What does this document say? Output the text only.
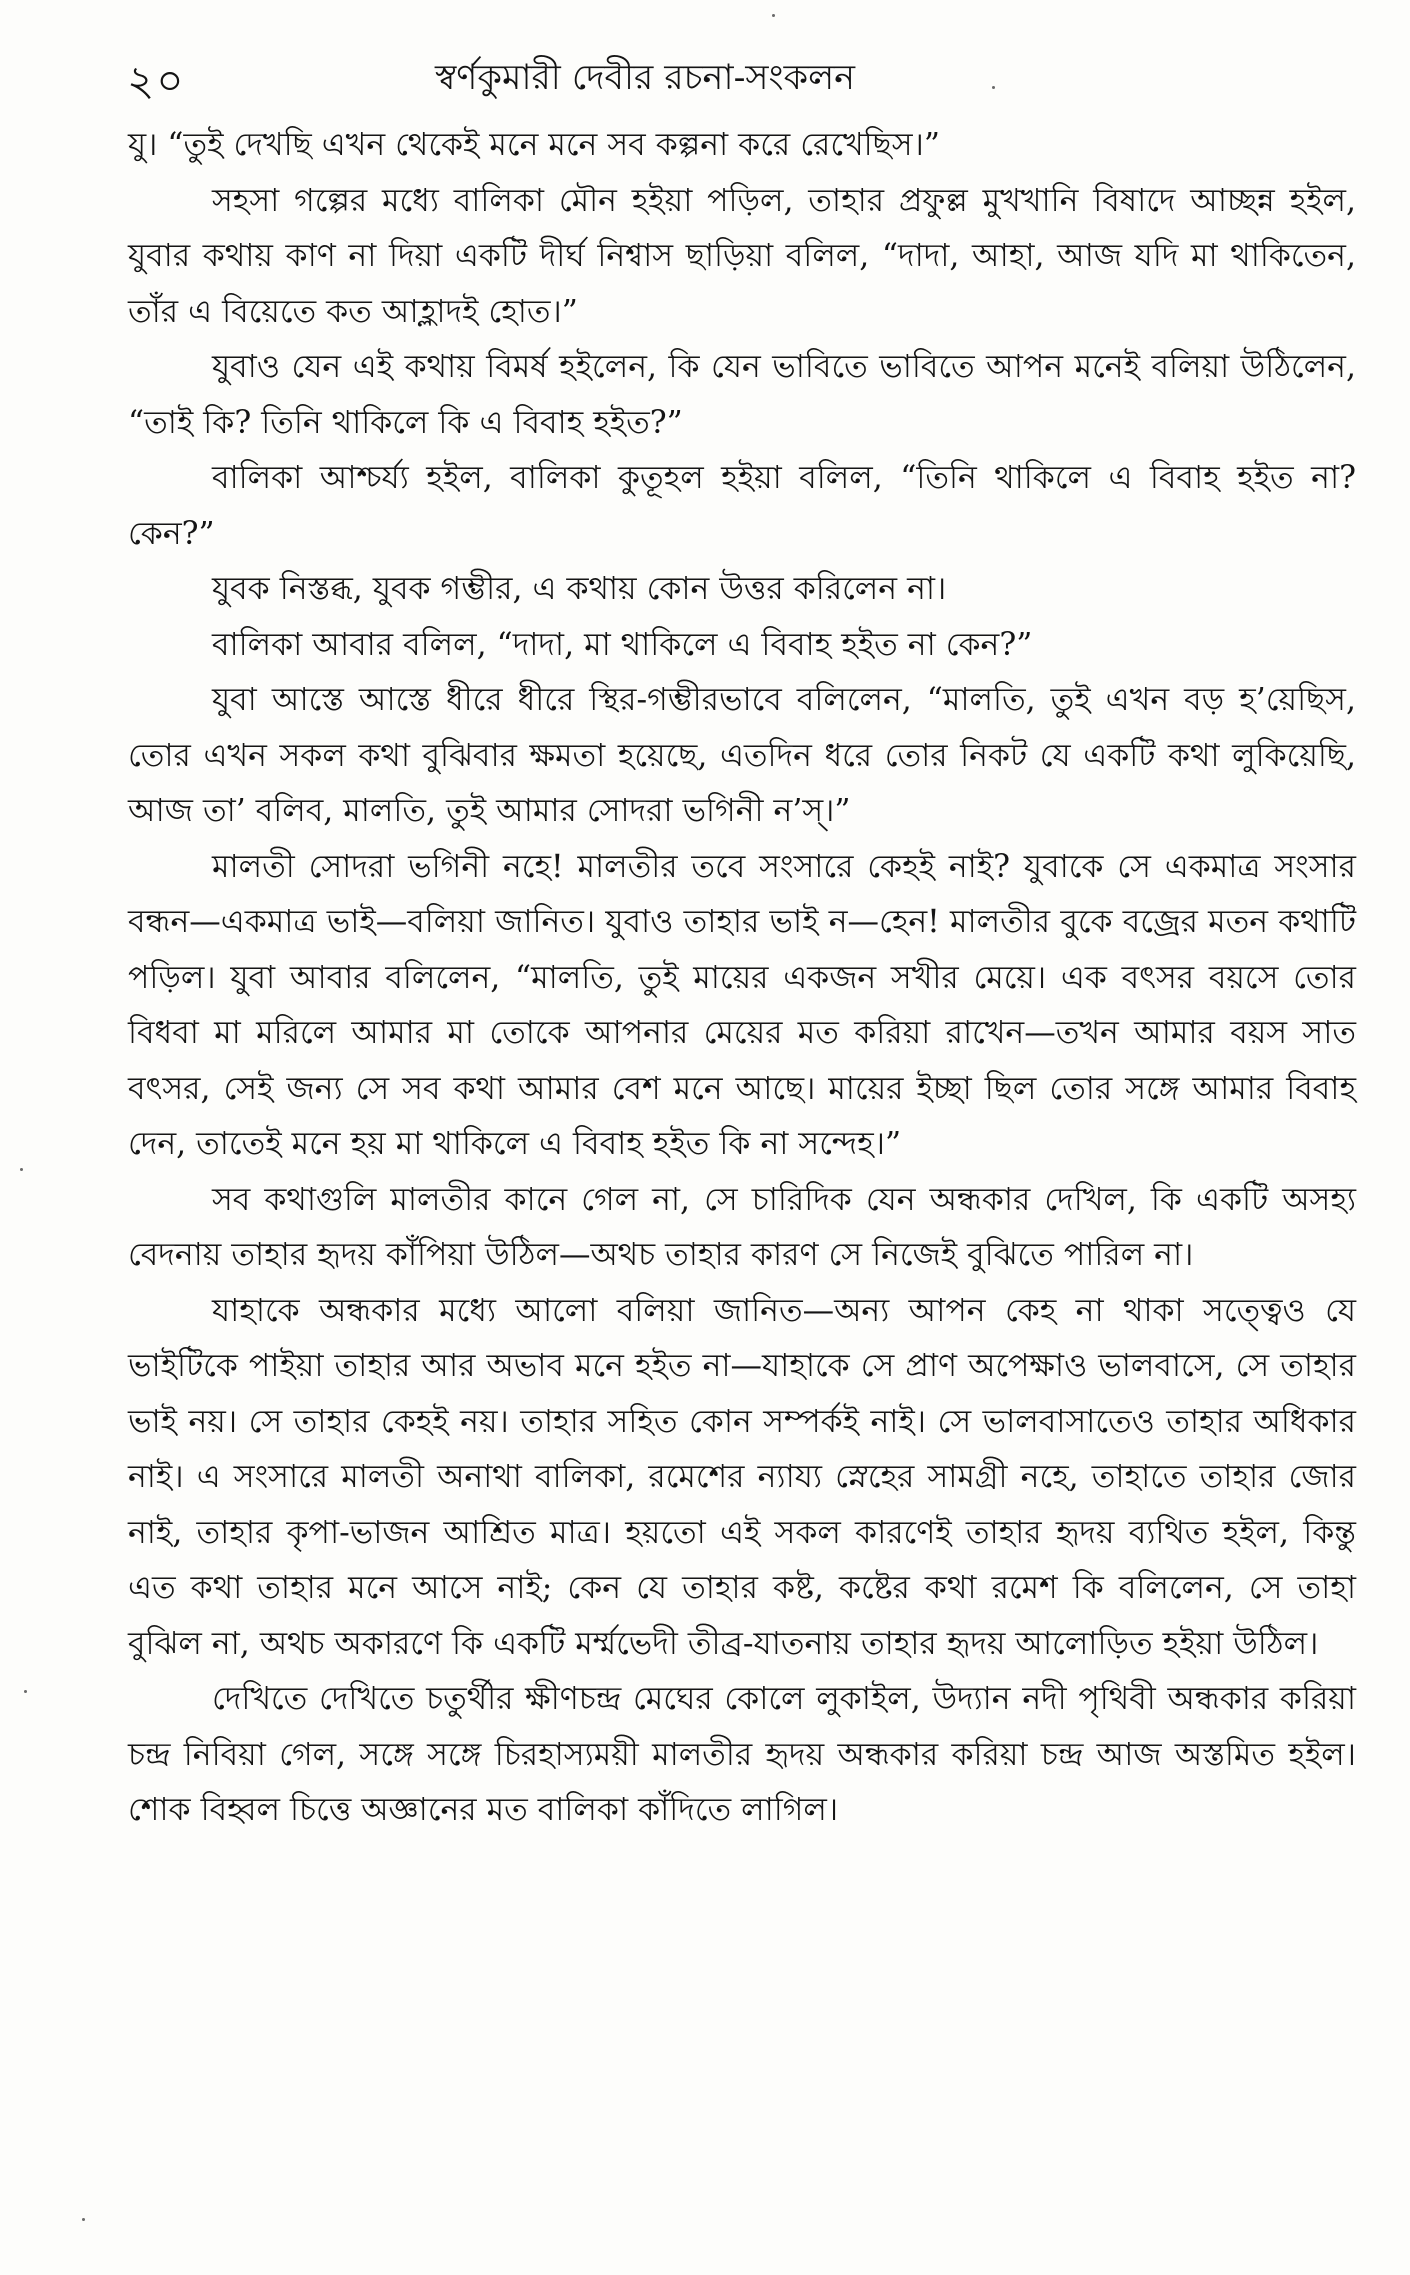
২০	স্বর্ণকুমারী দেবীর রচনা-সংকলন

যু। “তুই দেখছি এখন থেকেই মনে মনে সব কল্পনা করে রেখেছিস।”

সহসা গল্পের মধ্যে বালিকা মৌন হইয়া পড়িল, তাহার প্রফুল্ল মুখখানি বিষাদে আচ্ছন্ন হইল, যুবার কথায় কাণ না দিয়া একটি দীর্ঘ নিশ্বাস ছাড়িয়া বলিল, “দাদা, আহা, আজ যদি মা থাকিতেন, তাঁর এ বিয়েতে কত আহ্লাদই হোত।”

যুবাও যেন এই কথায় বিমর্ষ হইলেন, কি যেন ভাবিতে ভাবিতে আপন মনেই বলিয়া উঠিলেন, “তাই কি? তিনি থাকিলে কি এ বিবাহ হইত?”

বালিকা আশ্চর্য্য হইল, বালিকা কুতূহল হইয়া বলিল, “তিনি থাকিলে এ বিবাহ হইত না? কেন?”

যুবক নিস্তব্ধ, যুবক গম্ভীর, এ কথায় কোন উত্তর করিলেন না।

বালিকা আবার বলিল, “দাদা, মা থাকিলে এ বিবাহ হইত না কেন?”

যুবা আস্তে আস্তে ধীরে ধীরে স্থির-গম্ভীরভাবে বলিলেন, “মালতি, তুই এখন বড় হ’য়েছিস, তোর এখন সকল কথা বুঝিবার ক্ষমতা হয়েছে, এতদিন ধরে তোর নিকট যে একটি কথা লুকিয়েছি, আজ তা’ বলিব, মালতি, তুই আমার সোদরা ভগিনী ন’স্।”

মালতী সোদরা ভগিনী নহে! মালতীর তবে সংসারে কেহই নাই? যুবাকে সে একমাত্র সংসার বন্ধন—একমাত্র ভাই—বলিয়া জানিত। যুবাও তাহার ভাই ন—হেন! মালতীর বুকে বজ্রের মতন কথাটি পড়িল। যুবা আবার বলিলেন, “মালতি, তুই মায়ের একজন সখীর মেয়ে। এক বৎসর বয়সে তোর বিধবা মা মরিলে আমার মা তোকে আপনার মেয়ের মত করিয়া রাখেন—তখন আমার বয়স সাত বৎসর, সেই জন্য সে সব কথা আমার বেশ মনে আছে। মায়ের ইচ্ছা ছিল তোর সঙ্গে আমার বিবাহ দেন, তাতেই মনে হয় মা থাকিলে এ বিবাহ হইত কি না সন্দেহ।”

সব কথাগুলি মালতীর কানে গেল না, সে চারিদিক যেন অন্ধকার দেখিল, কি একটি অসহ্য বেদনায় তাহার হৃদয় কাঁপিয়া উঠিল—অথচ তাহার কারণ সে নিজেই বুঝিতে পারিল না।

যাহাকে অন্ধকার মধ্যে আলো বলিয়া জানিত—অন্য আপন কেহ না থাকা সত্ত্বেও যে ভাইটিকে পাইয়া তাহার আর অভাব মনে হইত না—যাহাকে সে প্রাণ অপেক্ষাও ভালবাসে, সে তাহার ভাই নয়। সে তাহার কেহই নয়। তাহার সহিত কোন সম্পর্কই নাই। সে ভালবাসাতেও তাহার অধিকার নাই। এ সংসারে মালতী অনাথা বালিকা, রমেশের ন্যায্য স্নেহের সামগ্রী নহে, তাহাতে তাহার জোর নাই, তাহার কৃপা-ভাজন আশ্রিত মাত্র। হয়তো এই সকল কারণেই তাহার হৃদয় ব্যথিত হইল, কিন্তু এত কথা তাহার মনে আসে নাই; কেন যে তাহার কষ্ট, কষ্টের কথা রমেশ কি বলিলেন, সে তাহা বুঝিল না, অথচ অকারণে কি একটি মর্ম্মভেদী তীব্র-যাতনায় তাহার হৃদয় আলোড়িত হইয়া উঠিল।

দেখিতে দেখিতে চতুর্থীর ক্ষীণচন্দ্র মেঘের কোলে লুকাইল, উদ্যান নদী পৃথিবী অন্ধকার করিয়া চন্দ্র নিবিয়া গেল, সঙ্গে সঙ্গে চিরহাস্যময়ী মালতীর হৃদয় অন্ধকার করিয়া চন্দ্র আজ অস্তমিত হইল। শোক বিহ্বল চিত্তে অজ্ঞানের মত বালিকা কাঁদিতে লাগিল।
